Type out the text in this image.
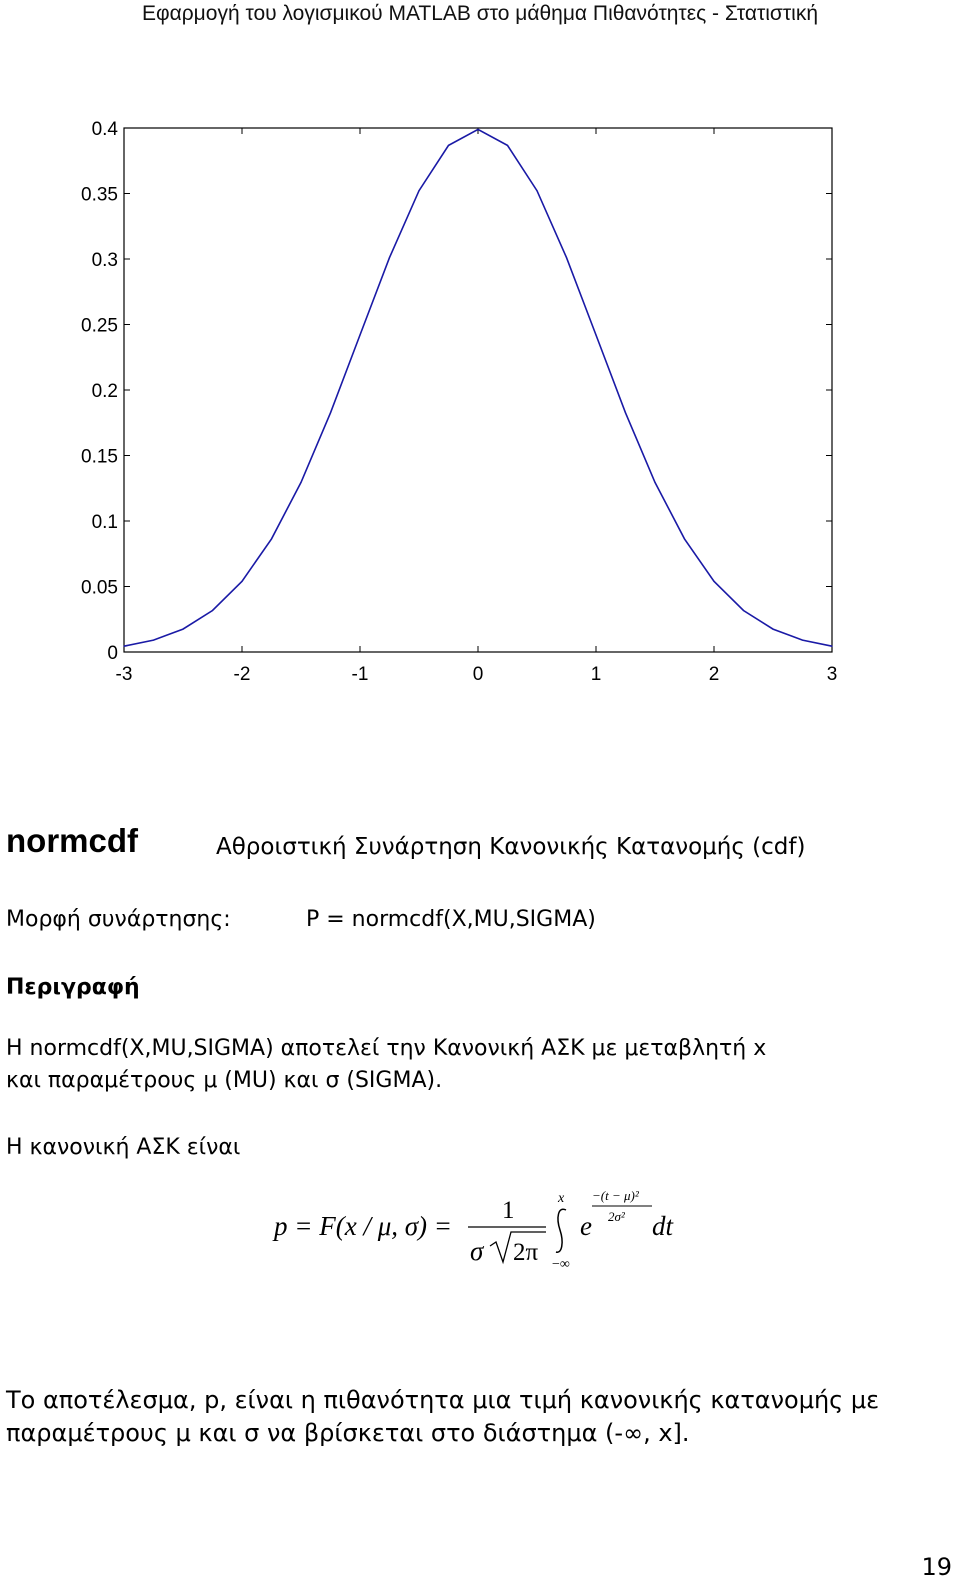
Εφαρμογή του λογισμικού MATLAB στο μάθημα Πιθανότητες - Στατιστική
-3	-2	-1	0	1	2	3
0
0.05
0.1
0.15
0.2
0.25
0.3
0.35
0.4
normcdf	Αθροιστική Συνάρτηση Κανονικής Κατανομής (cdf)
Μορφή συνάρτησης:	P = normcdf(X,MU,SIGMA)
Περιγραφή
Η normcdf(X,MU,SIGMA) αποτελεί την Κανονική ΑΣΚ με μεταβλητή x
και παραμέτρους μ (MU) και σ (SIGMA).
Η κανονική ΑΣΚ είναι
p = F(x / μ, σ) =
1
σ 2π
x
−∞
e
−(t − μ)²
2σ² dt
Το αποτέλεσμα, p, είναι η πιθανότητα μια τιμή κανονικής κατανομής με
παραμέτρους μ και σ να βρίσκεται στο διάστημα (-∞, x].
19
